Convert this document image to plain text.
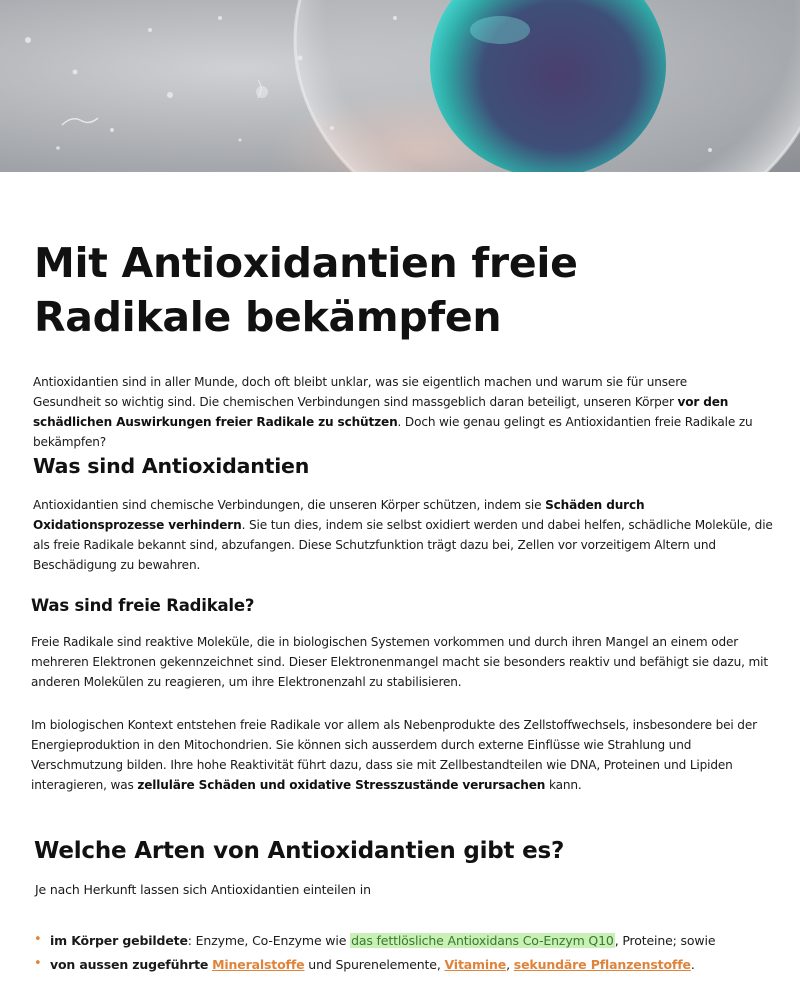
Mit Antioxidantien freie Radikale bekämpfen

Antioxidantien sind in aller Munde, doch oft bleibt unklar, was sie eigentlich machen und warum sie für unsere Gesundheit so wichtig sind. Die chemischen Verbindungen sind massgeblich daran beteiligt, unseren Körper vor den schädlichen Auswirkungen freier Radikale zu schützen. Doch wie genau gelingt es Antioxidantien freie Radikale zu bekämpfen?

Was sind Antioxidantien

Antioxidantien sind chemische Verbindungen, die unseren Körper schützen, indem sie Schäden durch Oxidationsprozesse verhindern. Sie tun dies, indem sie selbst oxidiert werden und dabei helfen, schädliche Moleküle, die als freie Radikale bekannt sind, abzufangen. Diese Schutzfunktion trägt dazu bei, Zellen vor vorzeitigem Altern und Beschädigung zu bewahren.

Was sind freie Radikale?

Freie Radikale sind reaktive Moleküle, die in biologischen Systemen vorkommen und durch ihren Mangel an einem oder mehreren Elektronen gekennzeichnet sind. Dieser Elektronenmangel macht sie besonders reaktiv und befähigt sie dazu, mit anderen Molekülen zu reagieren, um ihre Elektronenzahl zu stabilisieren.

Im biologischen Kontext entstehen freie Radikale vor allem als Nebenprodukte des Zellstoffwechsels, insbesondere bei der Energieproduktion in den Mitochondrien. Sie können sich ausserdem durch externe Einflüsse wie Strahlung und Verschmutzung bilden. Ihre hohe Reaktivität führt dazu, dass sie mit Zellbestandteilen wie DNA, Proteinen und Lipiden interagieren, was zelluläre Schäden und oxidative Stresszustände verursachen kann.

Welche Arten von Antioxidantien gibt es?

Je nach Herkunft lassen sich Antioxidantien einteilen in

• im Körper gebildete: Enzyme, Co-Enzyme wie das fettlösliche Antioxidans Co-Enzym Q10, Proteine; sowie
• von aussen zugeführte Mineralstoffe und Spurenelemente, Vitamine, sekundäre Pflanzenstoffe.
